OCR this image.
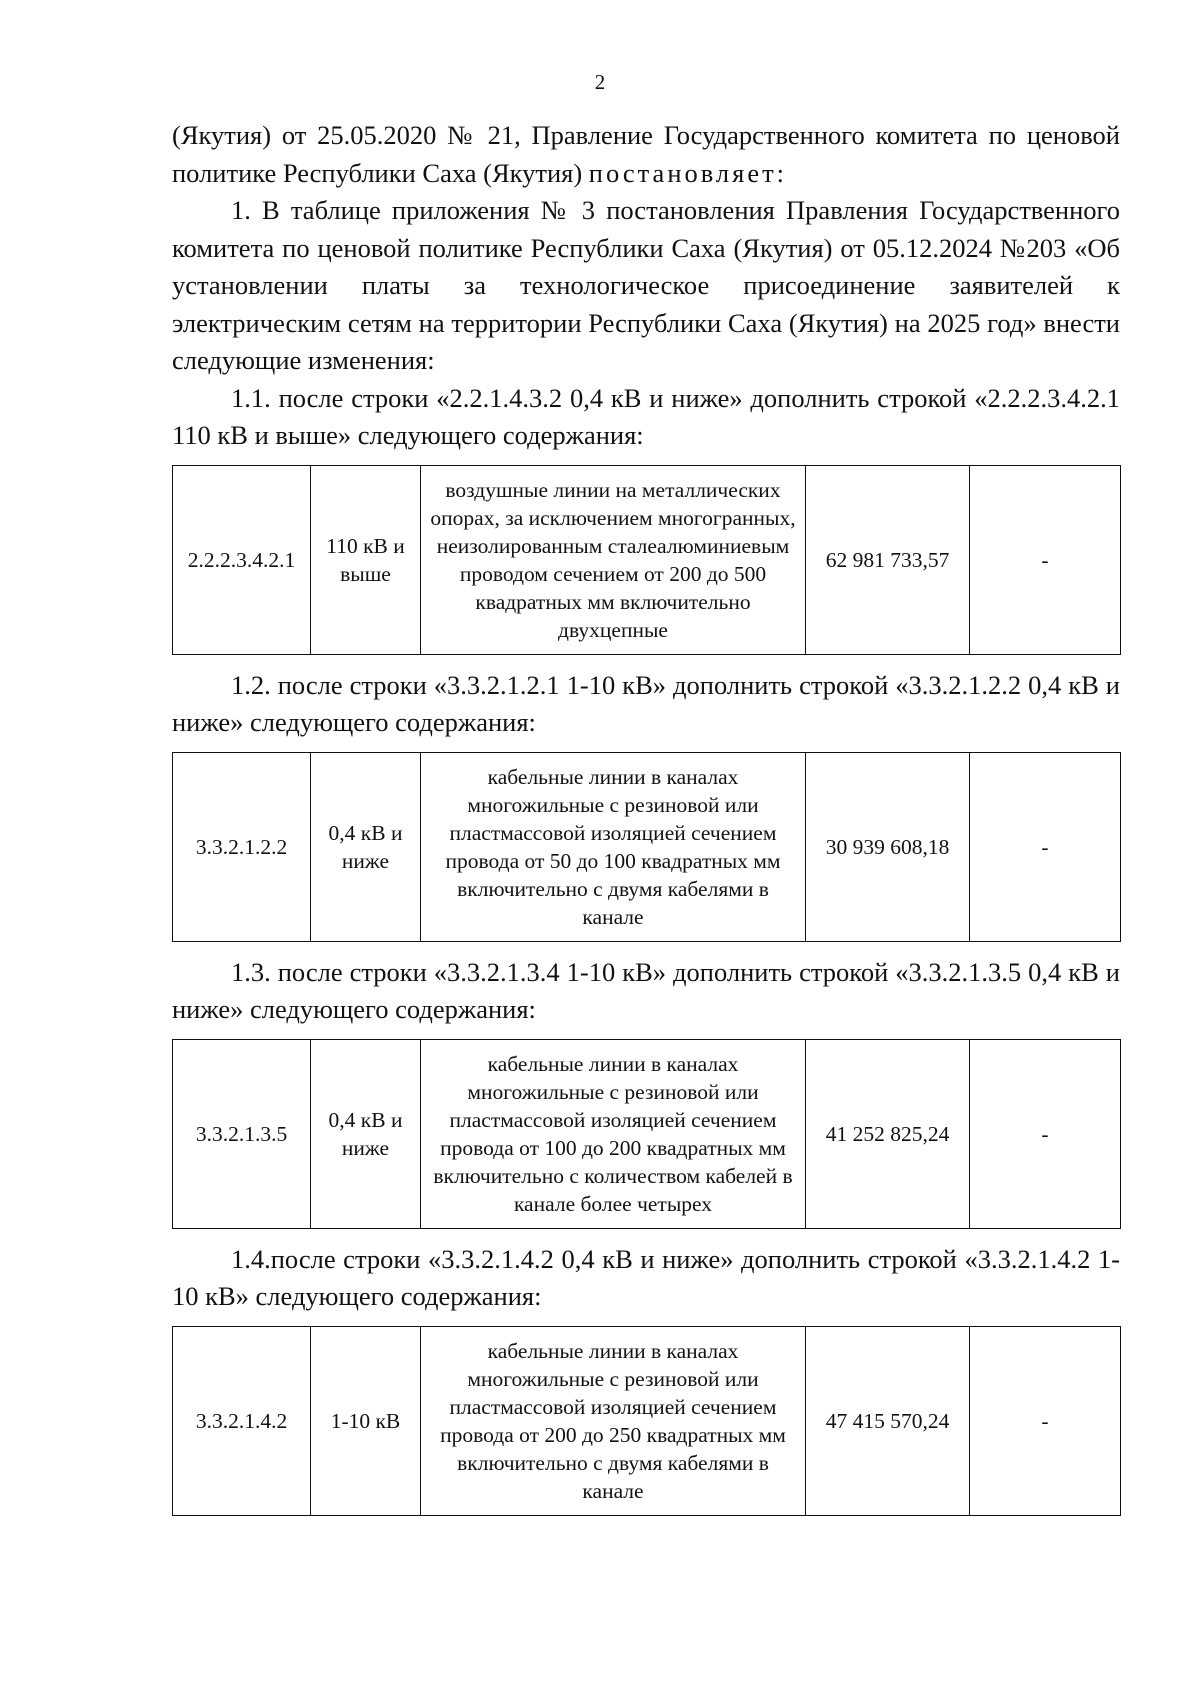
2

(Якутия) от 25.05.2020 № 21, Правление Государственного комитета по ценовой политике Республики Саха (Якутия) постановляет:

1. В таблице приложения № 3 постановления Правления Государственного комитета по ценовой политике Республики Саха (Якутия) от 05.12.2024 №203 «Об установлении платы за технологическое присоединение заявителей к электрическим сетям на территории Республики Саха (Якутия) на 2025 год» внести следующие изменения:

1.1. после строки «2.2.1.4.3.2 0,4 кВ и ниже» дополнить строкой «2.2.2.3.4.2.1 110 кВ и выше» следующего содержания:

2.2.2.3.4.2.1	110 кВ и выше	воздушные линии на металлических опорах, за исключением многогранных, неизолированным сталеалюминиевым проводом сечением от 200 до 500 квадратных мм включительно двухцепные	62 981 733,57	-

1.2. после строки «3.3.2.1.2.1 1-10 кВ» дополнить строкой «3.3.2.1.2.2 0,4 кВ и ниже» следующего содержания:

3.3.2.1.2.2	0,4 кВ и ниже	кабельные линии в каналах многожильные с резиновой или пластмассовой изоляцией сечением провода от 50 до 100 квадратных мм включительно с двумя кабелями в канале	30 939 608,18	-

1.3. после строки «3.3.2.1.3.4 1-10 кВ» дополнить строкой «3.3.2.1.3.5 0,4 кВ и ниже» следующего содержания:

3.3.2.1.3.5	0,4 кВ и ниже	кабельные линии в каналах многожильные с резиновой или пластмассовой изоляцией сечением провода от 100 до 200 квадратных мм включительно с количеством кабелей в канале более четырех	41 252 825,24	-

1.4.после строки «3.3.2.1.4.2 0,4 кВ и ниже» дополнить строкой «3.3.2.1.4.2 1-10 кВ» следующего содержания:

3.3.2.1.4.2	1-10 кВ	кабельные линии в каналах многожильные с резиновой или пластмассовой изоляцией сечением провода от 200 до 250 квадратных мм включительно с двумя кабелями в канале	47 415 570,24	-
